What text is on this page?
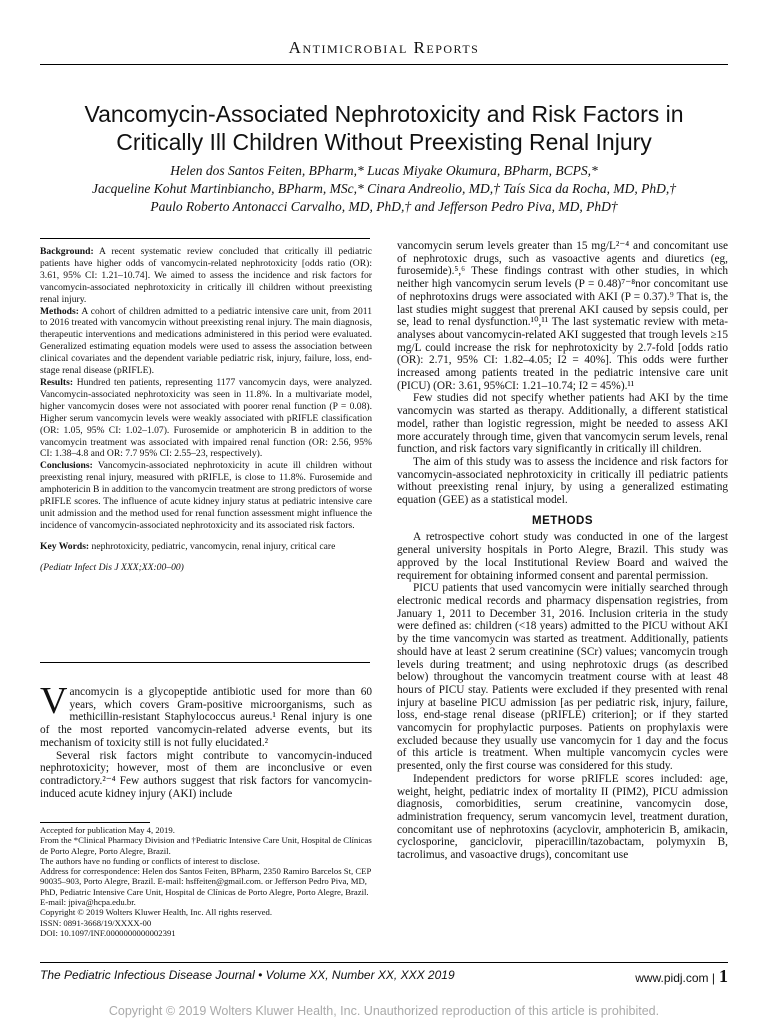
Antimicrobial Reports
Vancomycin-Associated Nephrotoxicity and Risk Factors in Critically Ill Children Without Preexisting Renal Injury
Helen dos Santos Feiten, BPharm,* Lucas Miyake Okumura, BPharm, BCPS,*
Jacqueline Kohut Martinbiancho, BPharm, MSc,* Cinara Andreolio, MD,† Taís Sica da Rocha, MD, PhD,†
Paulo Roberto Antonacci Carvalho, MD, PhD,† and Jefferson Pedro Piva, MD, PhD†

Background: A recent systematic review concluded that critically ill pediatric patients have higher odds of vancomycin-related nephrotoxicity [odds ratio (OR): 3.61, 95% CI: 1.21–10.74]. We aimed to assess the incidence and risk factors for vancomycin-associated nephrotoxicity in critically ill children without preexisting renal injury.

Methods: A cohort of children admitted to a pediatric intensive care unit, from 2011 to 2016 treated with vancomycin without preexisting renal injury. The main diagnosis, therapeutic interventions and medications administered in this period were evaluated. Generalized estimating equation models were used to assess the association between clinical covariates and the dependent variable pediatric risk, injury, failure, loss, end-stage renal disease (pRIFLE).

Results: Hundred ten patients, representing 1177 vancomycin days, were analyzed. Vancomycin-associated nephrotoxicity was seen in 11.8%. In a multivariate model, higher vancomycin doses were not associated with poorer renal function (P = 0.08). Higher serum vancomycin levels were weakly associated with pRIFLE classification (OR: 1.05, 95% CI: 1.02–1.07). Furosemide or amphotericin B in addition to the vancomycin treatment was associated with impaired renal function (OR: 2.56, 95% CI: 1.38–4.8 and OR: 7.7 95% CI: 2.55–23, respectively).

Conclusions: Vancomycin-associated nephrotoxicity in acute ill children without preexisting renal injury, measured with pRIFLE, is close to 11.8%. Furosemide and amphotericin B in addition to the vancomycin treatment are strong predictors of worse pRIFLE scores. The influence of acute kidney injury status at pediatric intensive care unit admission and the method used for renal function assessment might influence the incidence of vancomycin-associated nephrotoxicity and its associated risk factors.

Key Words: nephrotoxicity, pediatric, vancomycin, renal injury, critical care

(Pediatr Infect Dis J XXX;XX:00–00)

Vancomycin is a glycopeptide antibiotic used for more than 60 years, which covers Gram-positive microorganisms, such as methicillin-resistant Staphylococcus aureus.¹ Renal injury is one of the most reported vancomycin-related adverse events, but its mechanism of toxicity still is not fully elucidated.²

Several risk factors might contribute to vancomycin-induced nephrotoxicity; however, most of them are inconclusive or even contradictory.²⁻⁴ Few authors suggest that risk factors for vancomycin-induced acute kidney injury (AKI) include

Accepted for publication May 4, 2019.
From the *Clinical Pharmacy Division and †Pediatric Intensive Care Unit, Hospital de Clínicas de Porto Alegre, Porto Alegre, Brazil.
The authors have no funding or conflicts of interest to disclose.
Address for correspondence: Helen dos Santos Feiten, BPharm, 2350 Ramiro Barcelos St, CEP 90035–903, Porto Alegre, Brazil. E-mail: hsffeiten@gmail.com. or Jefferson Pedro Piva, MD, PhD, Pediatric Intensive Care Unit, Hospital de Clínicas de Porto Alegre, Porto Alegre, Brazil. E-mail: jpiva@hcpa.edu.br.
Copyright © 2019 Wolters Kluwer Health, Inc. All rights reserved.
ISSN: 0891-3668/19/XXXX-00
DOI: 10.1097/INF.0000000000002391

vancomycin serum levels greater than 15 mg/L²⁻⁴ and concomitant use of nephrotoxic drugs, such as vasoactive agents and diuretics (eg, furosemide).⁵,⁶ These findings contrast with other studies, in which neither high vancomycin serum levels (P = 0.48)⁷⁻⁸nor concomitant use of nephrotoxins drugs were associated with AKI (P = 0.37).⁹ That is, the last studies might suggest that prerenal AKI caused by sepsis could, per se, lead to renal dysfunction.¹⁰,¹¹ The last systematic review with meta-analyses about vancomycin-related AKI suggested that trough levels ≥15 mg/L could increase the risk for nephrotoxicity by 2.7-fold [odds ratio (OR): 2.71, 95% CI: 1.82–4.05; I2 = 40%]. This odds were further increased among patients treated in the pediatric intensive care unit (PICU) (OR: 3.61, 95%CI: 1.21–10.74; I2 = 45%).¹¹

Few studies did not specify whether patients had AKI by the time vancomycin was started as therapy. Additionally, a different statistical model, rather than logistic regression, might be needed to assess AKI more accurately through time, given that vancomycin serum levels, renal function, and risk factors vary significantly in critically ill children.

The aim of this study was to assess the incidence and risk factors for vancomycin-associated nephrotoxicity in critically ill pediatric patients without preexisting renal injury, by using a generalized estimating equation (GEE) as a statistical model.

METHODS

A retrospective cohort study was conducted in one of the largest general university hospitals in Porto Alegre, Brazil. This study was approved by the local Institutional Review Board and waived the requirement for obtaining informed consent and parental permission.

PICU patients that used vancomycin were initially searched through electronic medical records and pharmacy dispensation registries, from January 1, 2011 to December 31, 2016. Inclusion criteria in the study were defined as: children (<18 years) admitted to the PICU without AKI by the time vancomycin was started as treatment. Additionally, patients should have at least 2 serum creatinine (SCr) values; vancomycin trough levels during treatment; and using nephrotoxic drugs (as described below) throughout the vancomycin treatment course with at least 48 hours of PICU stay. Patients were excluded if they presented with renal injury at baseline PICU admission [as per pediatric risk, injury, failure, loss, end-stage renal disease (pRIFLE) criterion]; or if they started vancomycin for prophylactic purposes. Patients on prophylaxis were excluded because they usually use vancomycin for 1 day and the focus of this article is treatment. When multiple vancomycin cycles were presented, only the first course was considered for this study.

Independent predictors for worse pRIFLE scores included: age, weight, height, pediatric index of mortality II (PIM2), PICU admission diagnosis, comorbidities, serum creatinine, vancomycin dose, administration frequency, serum vancomycin level, treatment duration, concomitant use of nephrotoxins (acyclovir, amphotericin B, amikacin, cyclosporine, ganciclovir, piperacillin/tazobactam, polymyxin B, tacrolimus, and vasoactive drugs), concomitant use

The Pediatric Infectious Disease Journal • Volume XX, Number XX, XXX 2019	www.pidj.com | 1
Copyright © 2019 Wolters Kluwer Health, Inc. Unauthorized reproduction of this article is prohibited.
